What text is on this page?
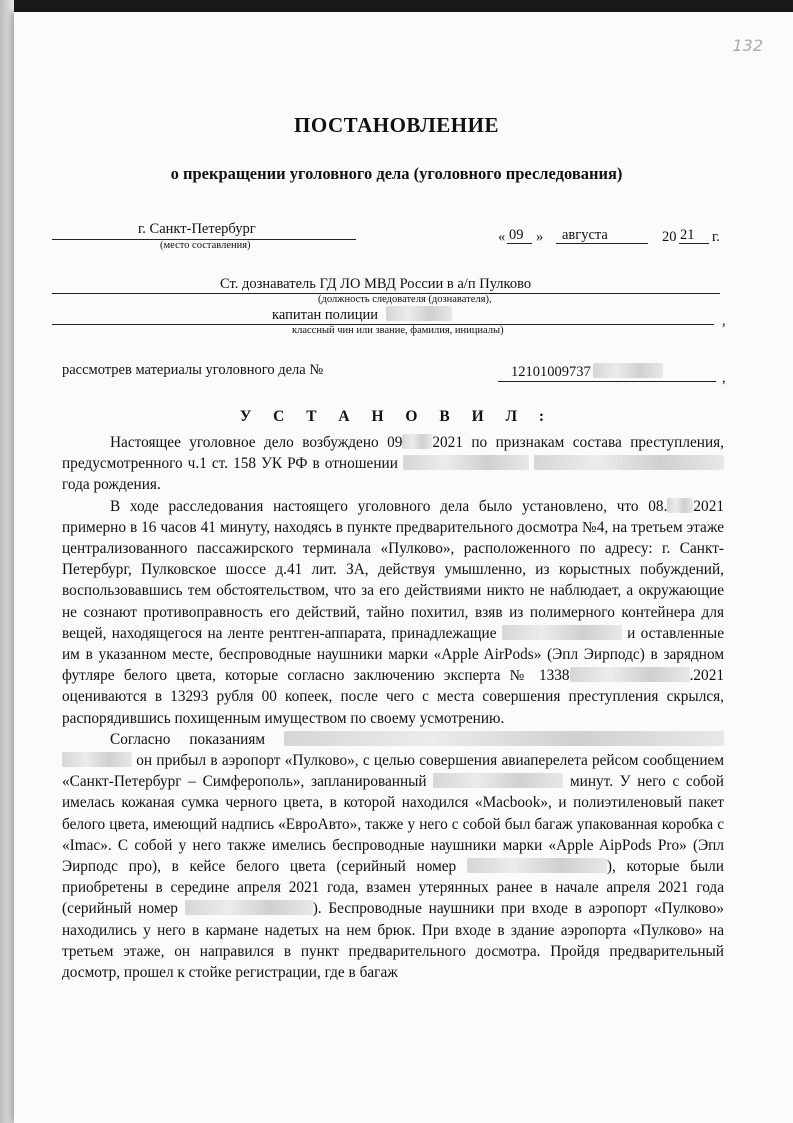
132
ПОСТАНОВЛЕНИЕ
о прекращении уголовного дела (уголовного преследования)
г. Санкт-Петербург
(место составления)
« 09 » августа	20 21 г.
Ст. дознаватель ГД ЛО МВД России в а/п Пулково
(должность следователя (дознавателя),
капитан полиции	,
классный чин или звание, фамилия, инициалы)
рассмотрев материалы уголовного дела №	12101009737	,
У С Т А Н О В И Л :

Настоящее уголовное дело возбуждено 09 2021 по признакам состава преступления, предусмотренного ч.1 ст. 158 УК РФ в отношении   года рождения.

В ходе расследования настоящего уголовного дела было установлено, что 08. 2021 примерно в 16 часов 41 минуту, находясь в пункте предварительного досмотра №4, на третьем этаже централизованного пассажирского терминала «Пулково», расположенного по адресу: г. Санкт-Петербург, Пулковское шоссе д.41 лит. ЗА, действуя умышленно, из корыстных побуждений, воспользовавшись тем обстоятельством, что за его действиями никто не наблюдает, а окружающие не сознают противоправность его действий, тайно похитил, взяв из полимерного контейнера для вещей, находящегося на ленте рентген-аппарата, принадлежащие	и оставленные им в указанном месте, беспроводные наушники марки «Apple AirPods» (Эпл Эирподс) в зарядном футляре белого цвета, которые согласно заключению эксперта № 1338	.2021 оцениваются в 13293 рубля 00 копеек, после чего с места совершения преступления скрылся, распорядившись похищенным имуществом по своему усмотрению.

Согласно показаниям   он прибыл в аэропорт «Пулково», с целью совершения авиаперелета рейсом сообщением «Санкт-Петербург – Симферополь», запланированный	минут. У него с собой имелась кожаная сумка черного цвета, в которой находился «Macbook», и полиэтиленовый пакет белого цвета, имеющий надпись «ЕвроАвто», также у него с собой был багаж упакованная коробка с «Imac». С собой у него также имелись беспроводные наушники марки «Apple AipPods Pro» (Эпл Эирподс про), в кейсе белого цвета (серийный номер	), которые были приобретены в середине апреля 2021 года, взамен утерянных ранее в начале апреля 2021 года (серийный номер	). Беспроводные наушники при входе в аэропорт «Пулково» находились у него в кармане надетых на нем брюк. При входе в здание аэропорта «Пулково» на третьем этаже, он направился в пункт предварительного досмотра. Пройдя предварительный досмотр, прошел к стойке регистрации, где в багаж
